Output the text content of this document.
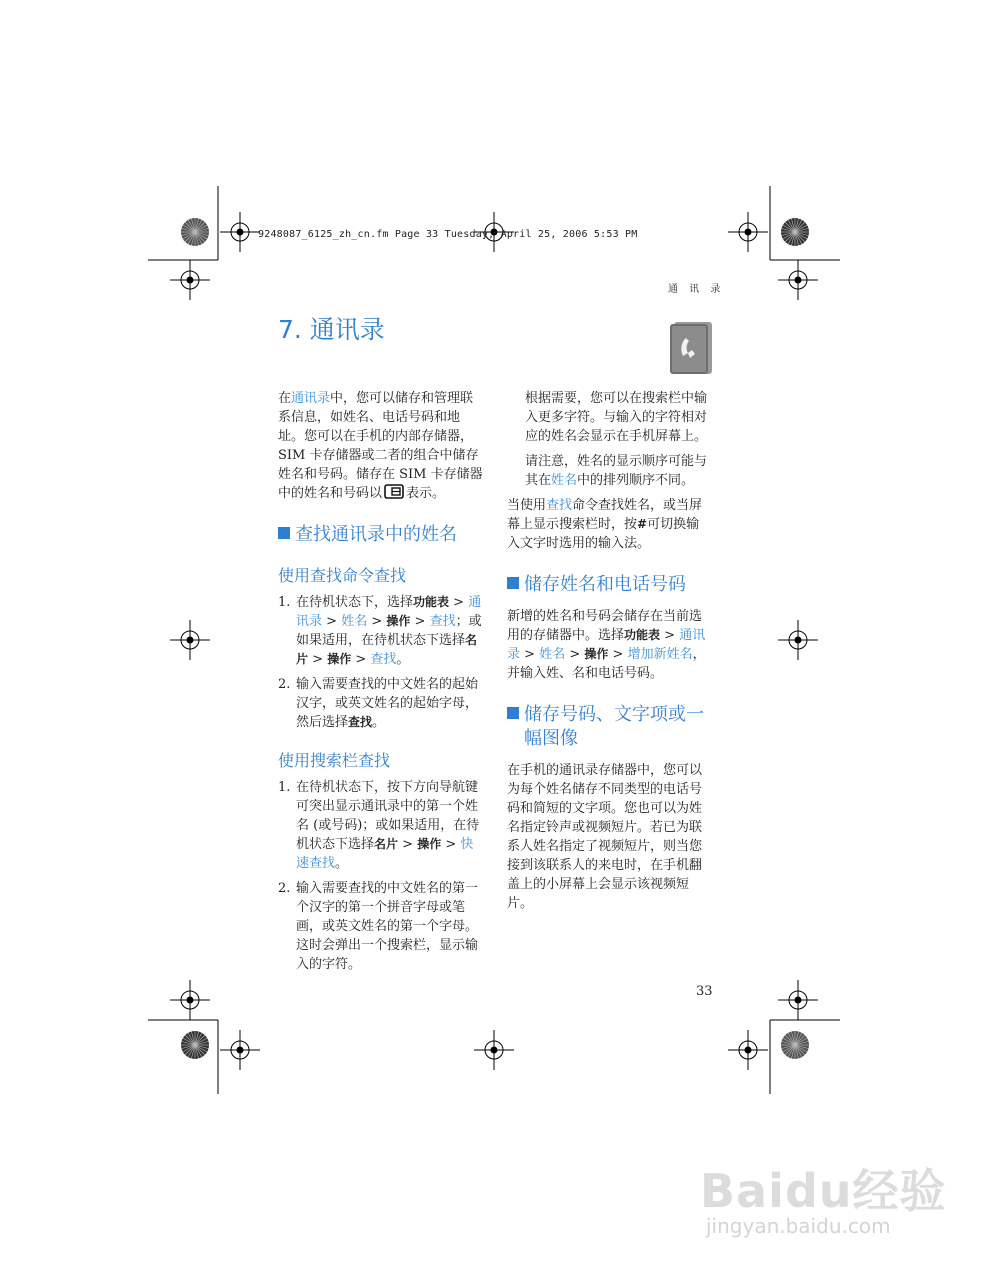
9248087_6125_zh_cn.fm Page 33 Tuesday, April 25, 2006 5:53 PM
通 讯 录
7. 通讯录

在通讯录中，您可以储存和管理联系信息，如姓名、电话号码和地址。您可以在手机的内部存储器，SIM 卡存储器或二者的组合中储存姓名和号码。储存在 SIM 卡存储器中的姓名和号码以 表示。

查找通讯录中的姓名
使用查找命令查找
1. 在待机状态下，选择功能表 > 通讯录 > 姓名 > 操作 > 查找；或如果适用，在待机状态下选择名片 > 操作 > 查找。
2. 输入需要查找的中文姓名的起始汉字，或英文姓名的起始字母，然后选择查找。
使用搜索栏查找
1. 在待机状态下，按下方向导航键可突出显示通讯录中的第一个姓名 (或号码)；或如果适用，在待机状态下选择名片 > 操作 > 快速查找。
2. 输入需要查找的中文姓名的第一个汉字的第一个拼音字母或笔画，或英文姓名的第一个字母。这时会弹出一个搜索栏，显示输入的字符。

根据需要，您可以在搜索栏中输入更多字符。与输入的字符相对应的姓名会显示在手机屏幕上。

请注意，姓名的显示顺序可能与其在姓名中的排列顺序不同。

当使用查找命令查找姓名，或当屏幕上显示搜索栏时，按#可切换输入文字时选用的输入法。

储存姓名和电话号码

新增的姓名和号码会储存在当前选用的存储器中。选择功能表 > 通讯录 > 姓名 > 操作 > 增加新姓名，并输入姓、名和电话号码。

储存号码、文字项或一幅图像

在手机的通讯录存储器中，您可以为每个姓名储存不同类型的电话号码和简短的文字项。您也可以为姓名指定铃声或视频短片。若已为联系人姓名指定了视频短片，则当您接到该联系人的来电时，在手机翻盖上的小屏幕上会显示该视频短片。

33
Baidu经验
jingyan.baidu.com
